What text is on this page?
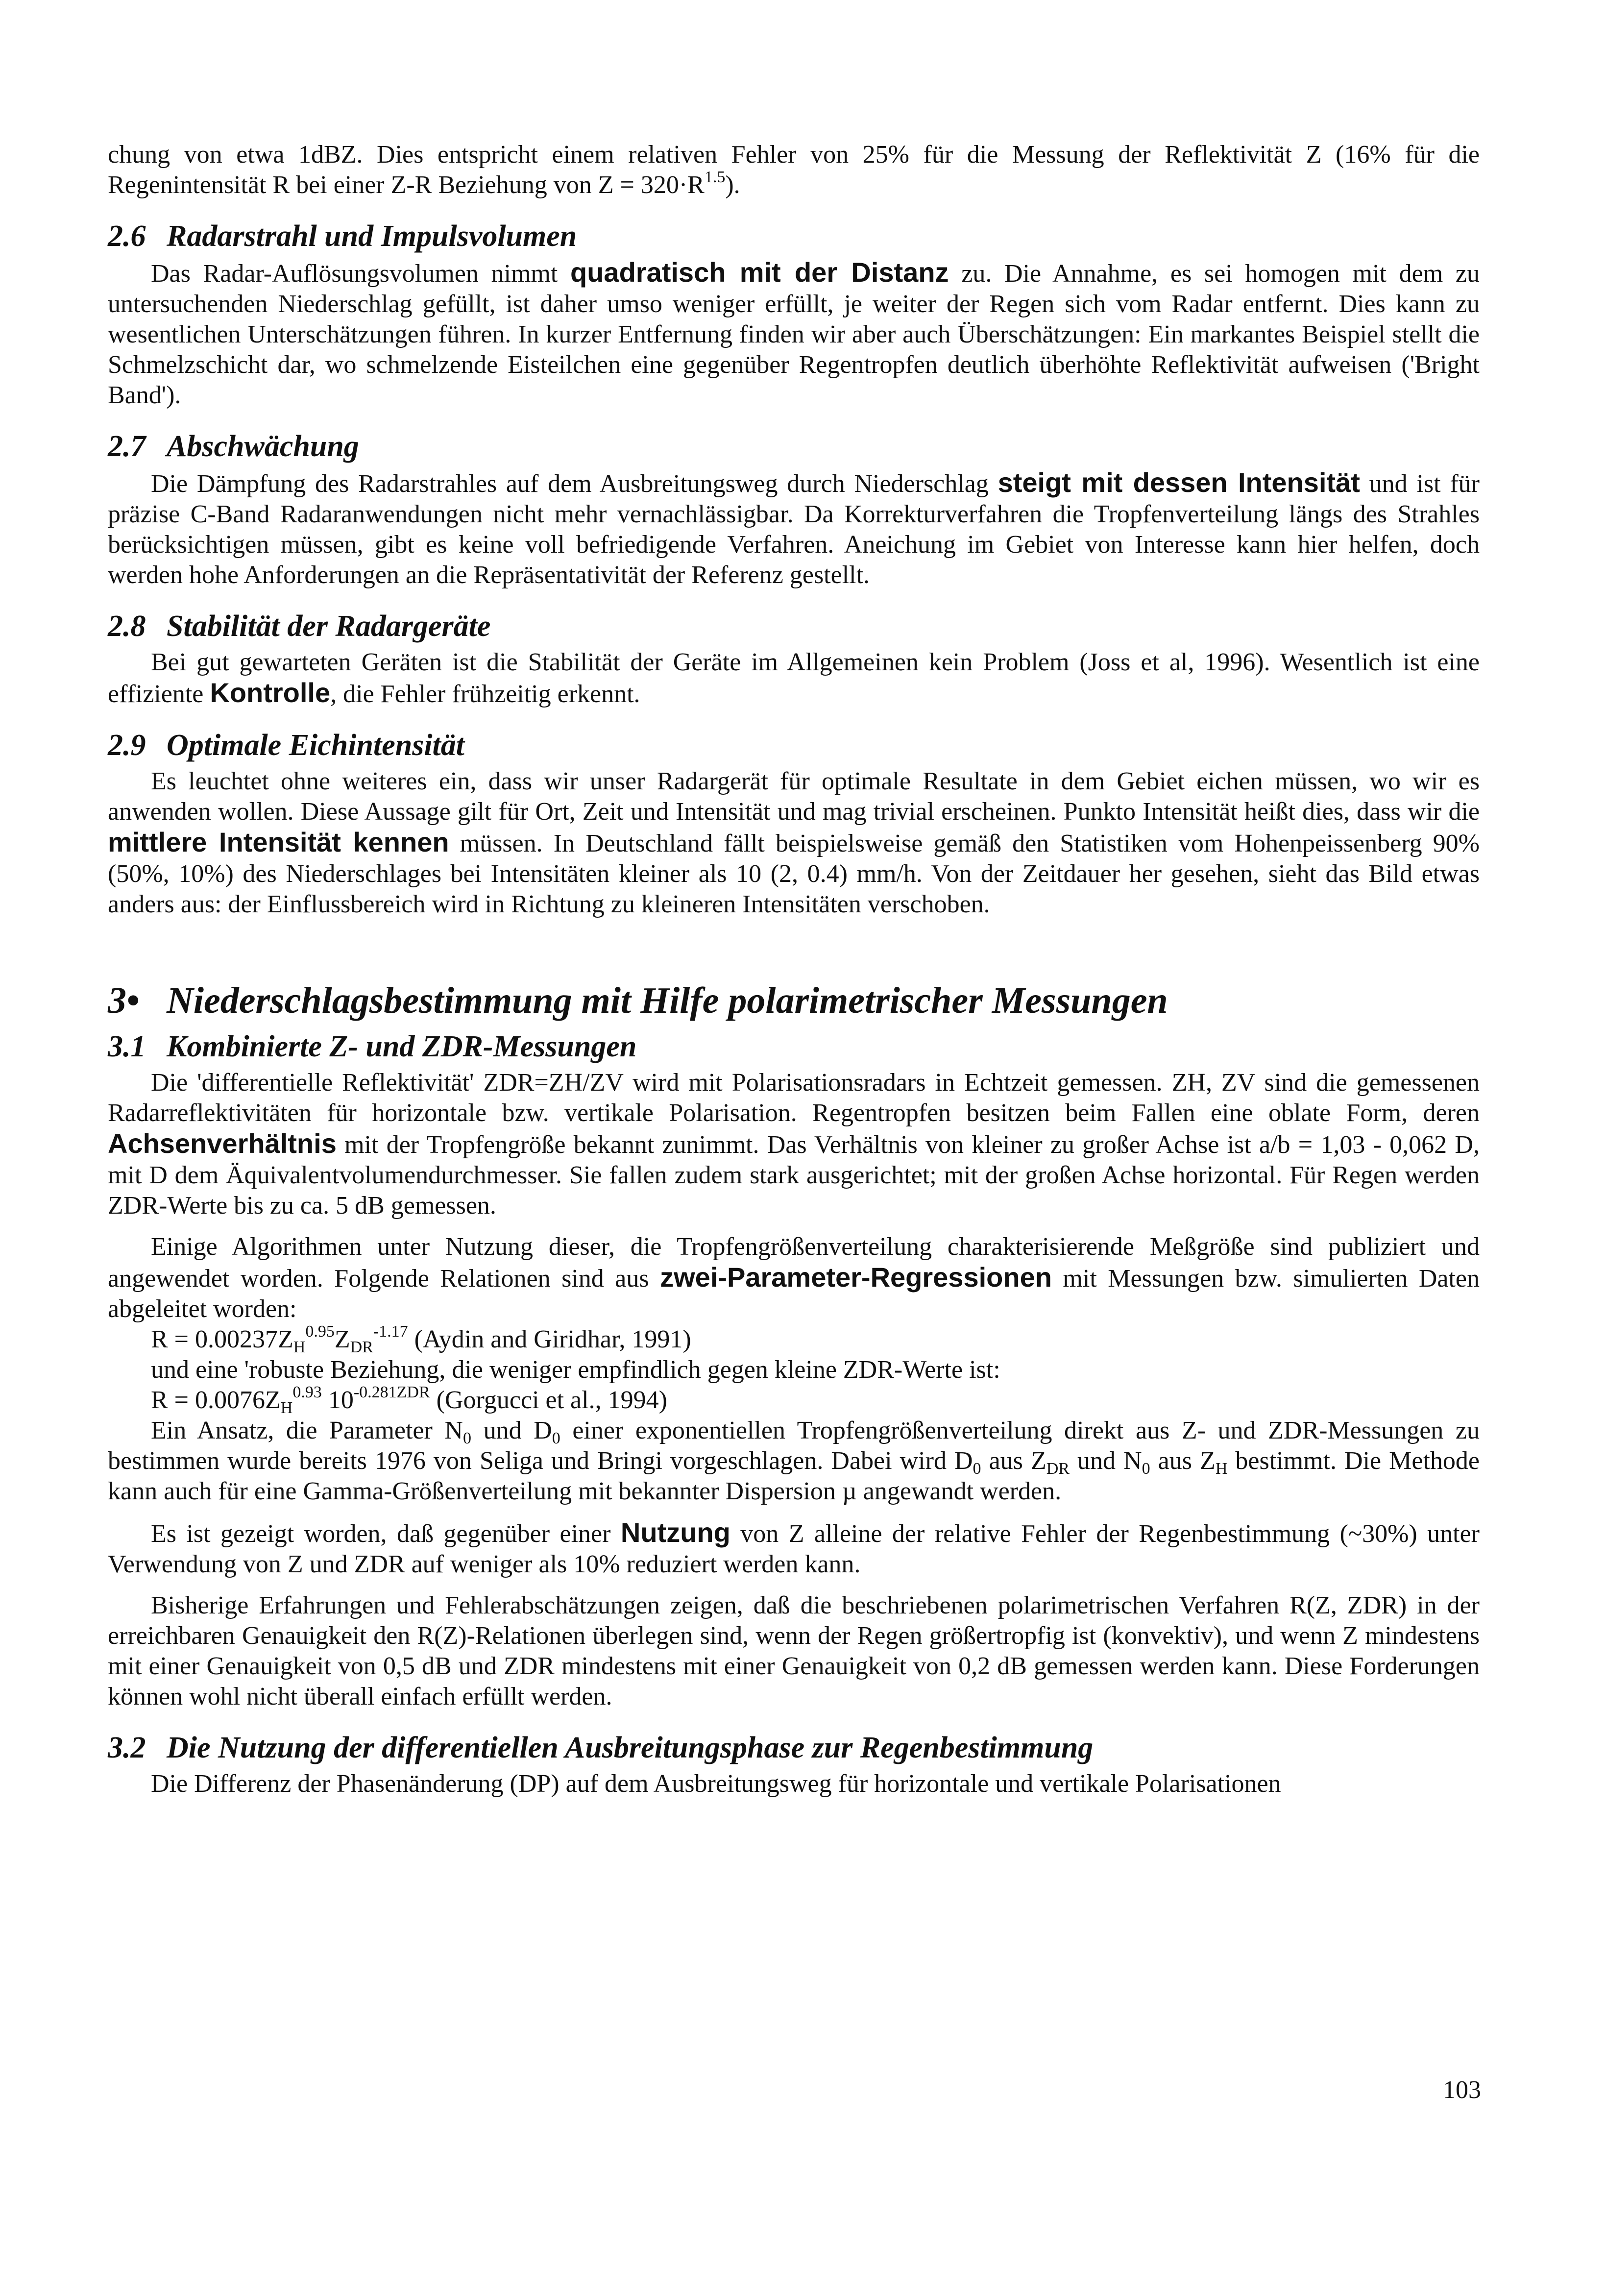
chung von etwa 1dBZ. Dies entspricht einem relativen Fehler von 25% für die Messung der Reflektivität Z (16% für die Regenintensität R bei einer Z-R Beziehung von $Z = 320\cdot R^{1.5}$).

2.6 Radarstrahl und Impulsvolumen

Das Radar-Auflösungsvolumen nimmt quadratisch mit der Distanz zu. Die Annahme, es sei homogen mit dem zu untersuchenden Niederschlag gefüllt, ist daher umso weniger erfüllt, je weiter der Regen sich vom Radar entfernt. Dies kann zu wesentlichen Unterschätzungen führen. In kurzer Entfernung finden wir aber auch Überschätzungen: Ein markantes Beispiel stellt die Schmelzschicht dar, wo schmelzende Eisteilchen eine gegenüber Regentropfen deutlich überhöhte Reflektivität aufweisen ('Bright Band').

2.7 Abschwächung

Die Dämpfung des Radarstrahles auf dem Ausbreitungsweg durch Niederschlag steigt mit dessen Intensität und ist für präzise C-Band Radaranwendungen nicht mehr vernachlässigbar. Da Korrekturverfahren die Tropfenverteilung längs des Strahles berücksichtigen müssen, gibt es keine voll befriedigende Verfahren. Aneichung im Gebiet von Interesse kann hier helfen, doch werden hohe Anforderungen an die Repräsentativität der Referenz gestellt.

2.8 Stabilität der Radargeräte

Bei gut gewarteten Geräten ist die Stabilität der Geräte im Allgemeinen kein Problem (Joss et al, 1996). Wesentlich ist eine effiziente Kontrolle, die Fehler frühzeitig erkennt.

2.9 Optimale Eichintensität

Es leuchtet ohne weiteres ein, dass wir unser Radargerät für optimale Resultate in dem Gebiet eichen müssen, wo wir es anwenden wollen. Diese Aussage gilt für Ort, Zeit und Intensität und mag trivial erscheinen. Punkto Intensität heißt dies, dass wir die mittlere Intensität kennen müssen. In Deutschland fällt beispielsweise gemäß den Statistiken vom Hohenpeissenberg 90% (50%, 10%) des Niederschlages bei Intensitäten kleiner als 10 (2, 0.4) mm/h. Von der Zeitdauer her gesehen, sieht das Bild etwas anders aus: der Einflussbereich wird in Richtung zu kleineren Intensitäten verschoben.

3• Niederschlagsbestimmung mit Hilfe polarimetrischer Messungen
3.1 Kombinierte Z- und ZDR-Messungen

Die 'differentielle Reflektivität' ZDR=ZH/ZV wird mit Polarisationsradars in Echtzeit gemessen. ZH, ZV sind die gemessenen Radarreflektivitäten für horizontale bzw. vertikale Polarisation. Regentropfen besitzen beim Fallen eine oblate Form, deren Achsenverhältnis mit der Tropfengröße bekannt zunimmt. Das Verhältnis von kleiner zu großer Achse ist a/b = 1,03 - 0,062 D, mit D dem Äquivalentvolumendurchmesser. Sie fallen zudem stark ausgerichtet; mit der großen Achse horizontal. Für Regen werden ZDR-Werte bis zu ca. 5 dB gemessen.

Einige Algorithmen unter Nutzung dieser, die Tropfengrößenverteilung charakterisierende Meßgröße sind publiziert und angewendet worden. Folgende Relationen sind aus zwei-Parameter-Regressionen mit Messungen bzw. simulierten Daten abgeleitet worden:

$R = 0.00237Z_H^{0.95}Z_{DR}^{-1.17}$ (Aydin and Giridhar, 1991)
und eine 'robuste Beziehung, die weniger empfindlich gegen kleine ZDR-Werte ist:
$R = 0.0076Z_H^{0.93}$ $10^{-0.281ZDR}$ (Gorgucci et al., 1994)

Ein Ansatz, die Parameter $N_0$ und $D_0$ einer exponentiellen Tropfengrößenverteilung direkt aus Z- und ZDR-Messungen zu bestimmen wurde bereits 1976 von Seliga und Bringi vorgeschlagen. Dabei wird $D_0$ aus $Z_{DR}$ und $N_0$ aus $Z_H$ bestimmt. Die Methode kann auch für eine Gamma-Größenverteilung mit bekannter Dispersion µ angewandt werden.

Es ist gezeigt worden, daß gegenüber einer Nutzung von Z alleine der relative Fehler der Regenbestimmung (~30%) unter Verwendung von Z und ZDR auf weniger als 10% reduziert werden kann.

Bisherige Erfahrungen und Fehlerabschätzungen zeigen, daß die beschriebenen polarimetrischen Verfahren R(Z, ZDR) in der erreichbaren Genauigkeit den R(Z)-Relationen überlegen sind, wenn der Regen größertropfig ist (konvektiv), und wenn Z mindestens mit einer Genauigkeit von 0,5 dB und ZDR mindestens mit einer Genauigkeit von 0,2 dB gemessen werden kann. Diese Forderungen können wohl nicht überall einfach erfüllt werden.

3.2 Die Nutzung der differentiellen Ausbreitungsphase zur Regenbestimmung

Die Differenz der Phasenänderung (DP) auf dem Ausbreitungsweg für horizontale und vertikale Polarisationen

103
